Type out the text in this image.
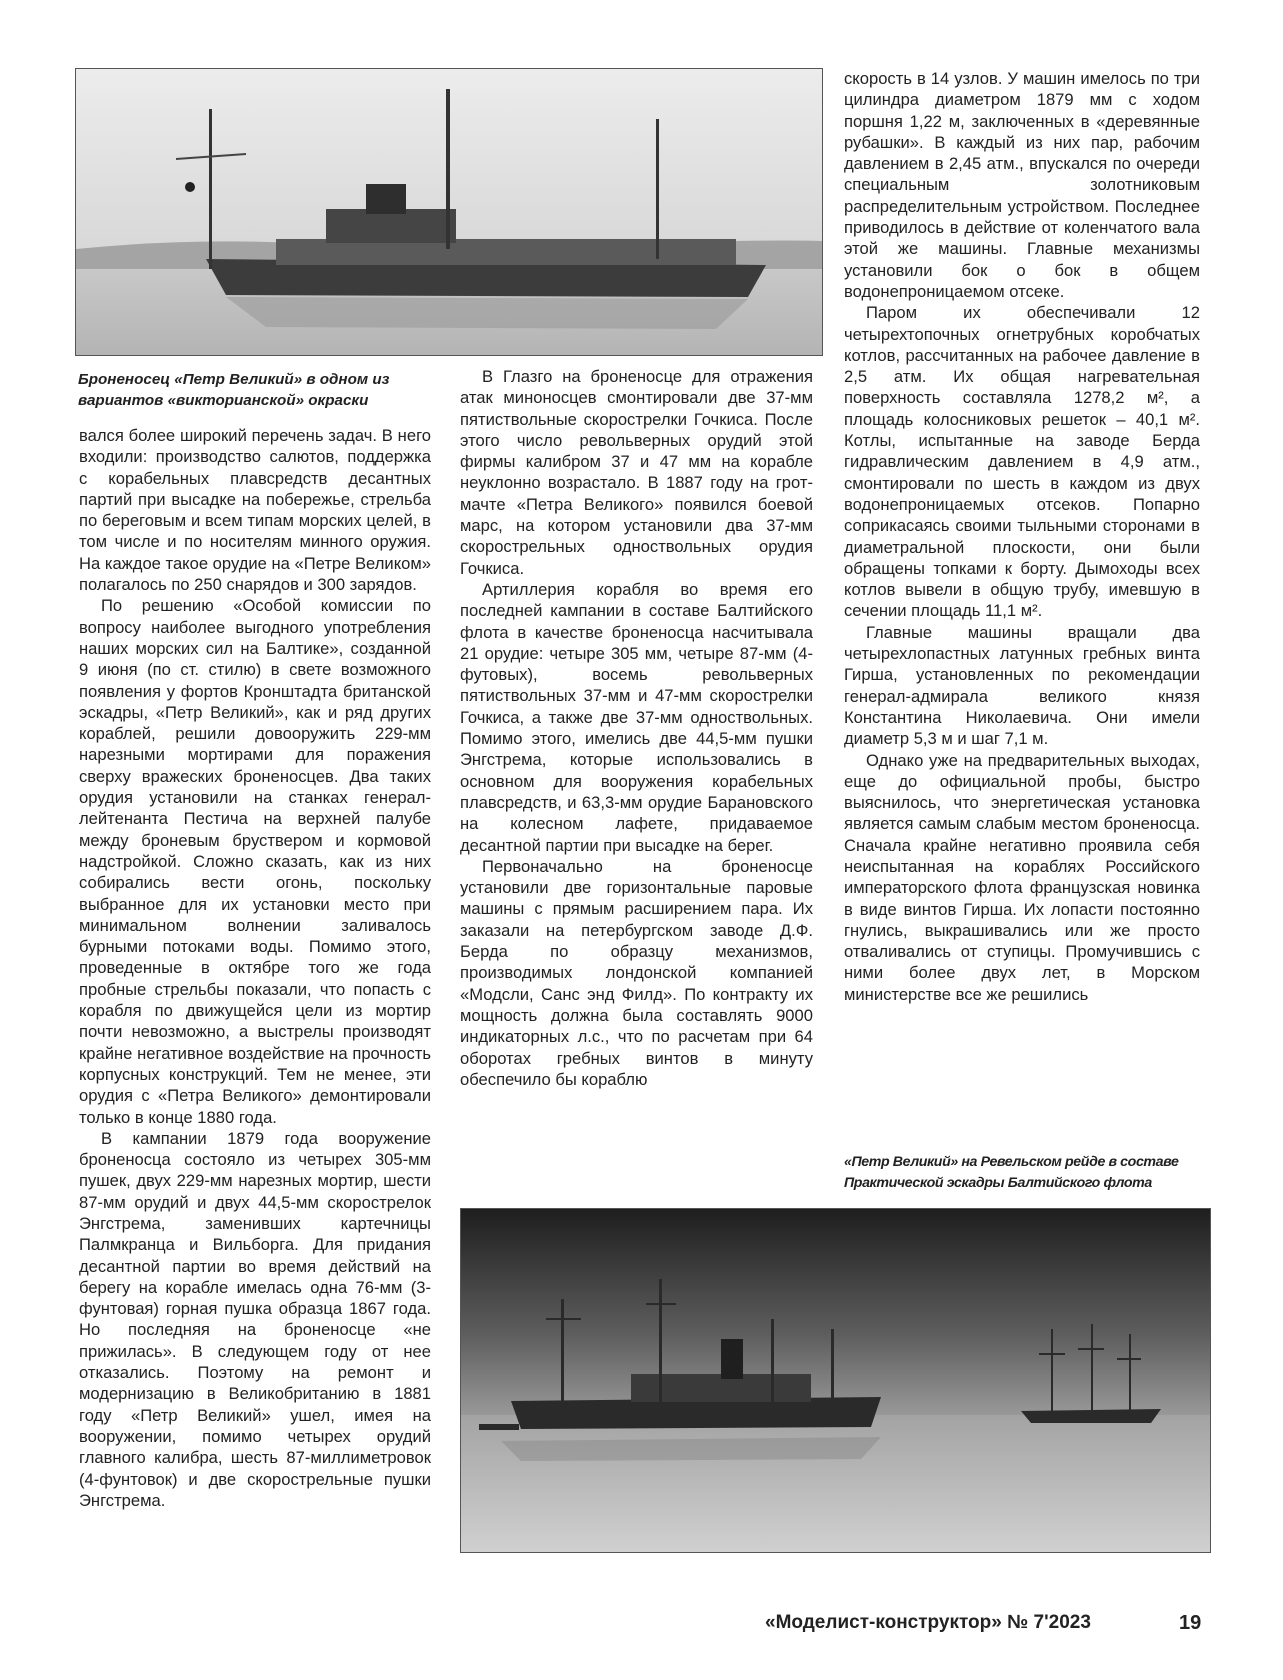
Броненосец «Петр Великий» в одном из вариантов «викторианской» окраски

вался более широкий перечень задач. В него входили: производство салютов, поддержка с корабельных плавсредств десантных партий при высадке на побережье, стрельба по береговым и всем типам морских целей, в том числе и по носителям минного оружия. На каждое такое орудие на «Петре Великом» полагалось по 250 снарядов и 300 зарядов.

По решению «Особой комиссии по вопросу наиболее выгодного употребления наших морских сил на Балтике», созданной 9 июня (по ст. стилю) в свете возможного появления у фортов Кронштадта британской эскадры, «Петр Великий», как и ряд других кораблей, решили довооружить 229-мм нарезными мортирами для поражения сверху вражеских броненосцев. Два таких орудия установили на станках генерал-лейтенанта Пестича на верхней палубе между броневым бруствером и кормовой надстройкой. Сложно сказать, как из них собирались вести огонь, поскольку выбранное для их установки место при минимальном волнении заливалось бурными потоками воды. Помимо этого, проведенные в октябре того же года пробные стрельбы показали, что попасть с корабля по движущейся цели из мортир почти невозможно, а выстрелы производят крайне негативное воздействие на прочность корпусных конструкций. Тем не менее, эти орудия с «Петра Великого» демонтировали только в конце 1880 года.

В кампании 1879 года вооружение броненосца состояло из четырех 305-мм пушек, двух 229-мм нарезных мортир, шести 87-мм орудий и двух 44,5-мм скорострелок Энгстрема, заменивших картечницы Палмкранца и Вильборга. Для придания десантной партии во время действий на берегу на корабле имелась одна 76-мм (3-фунтовая) горная пушка образца 1867 года. Но последняя на броненосце «не прижилась». В следующем году от нее отказались. Поэтому на ремонт и модернизацию в Великобританию в 1881 году «Петр Великий» ушел, имея на вооружении, помимо четырех орудий главного калибра, шесть 87-миллиметровок (4-фунтовок) и две скорострельные пушки Энгстрема.

В Глазго на броненосце для отражения атак миноносцев смонтировали две 37-мм пятиствольные скорострелки Гочкиса. После этого число револьверных орудий этой фирмы калибром 37 и 47 мм на корабле неуклонно возрастало. В 1887 году на грот-мачте «Петра Великого» появился боевой марс, на котором установили два 37-мм скорострельных одноствольных орудия Гочкиса.

Артиллерия корабля во время его последней кампании в составе Балтийского флота в качестве броненосца насчитывала 21 орудие: четыре 305 мм, четыре 87-мм (4-футовых), восемь револьверных пятиствольных 37-мм и 47-мм скорострелки Гочкиса, а также две 37-мм одноствольных. Помимо этого, имелись две 44,5-мм пушки Энгстрема, которые использовались в основном для вооружения корабельных плавсредств, и 63,3-мм орудие Барановского на колесном лафете, придаваемое десантной партии при высадке на берег.

Первоначально на броненосце установили две горизонтальные паровые машины с прямым расширением пара. Их заказали на петербургском заводе Д.Ф. Берда по образцу механизмов, производимых лондонской компанией «Модсли, Санс энд Филд». По контракту их мощность должна была составлять 9000 индикаторных л.с., что по расчетам при 64 оборотах гребных винтов в минуту обеспечило бы кораблю

скорость в 14 узлов. У машин имелось по три цилиндра диаметром 1879 мм с ходом поршня 1,22 м, заключенных в «деревянные рубашки». В каждый из них пар, рабочим давлением в 2,45 атм., впускался по очереди специальным золотниковым распределительным устройством. Последнее приводилось в действие от коленчатого вала этой же машины. Главные механизмы установили бок о бок в общем водонепроницаемом отсеке.

Паром их обеспечивали 12 четырехтопочных огнетрубных коробчатых котлов, рассчитанных на рабочее давление в 2,5 атм. Их общая нагревательная поверхность составляла 1278,2 м², а площадь колосниковых решеток – 40,1 м². Котлы, испытанные на заводе Берда гидравлическим давлением в 4,9 атм., смонтировали по шесть в каждом из двух водонепроницаемых отсеков. Попарно соприкасаясь своими тыльными сторонами в диаметральной плоскости, они были обращены топками к борту. Дымоходы всех котлов вывели в общую трубу, имевшую в сечении площадь 11,1 м².

Главные машины вращали два четырехлопастных латунных гребных винта Гирша, установленных по рекомендации генерал-адмирала великого князя Константина Николаевича. Они имели диаметр 5,3 м и шаг 7,1 м.

Однако уже на предварительных выходах, еще до официальной пробы, быстро выяснилось, что энергетическая установка является самым слабым местом броненосца. Сначала крайне негативно проявила себя неиспытанная на кораблях Российского императорского флота французская новинка в виде винтов Гирша. Их лопасти постоянно гнулись, выкрашивались или же просто отваливались от ступицы. Промучившись с ними более двух лет, в Морском министерстве все же решились

«Петр Великий» на Ревельском рейде в составе Практической эскадры Балтийского флота
«Моделист-конструктор» № 7'2023	19
